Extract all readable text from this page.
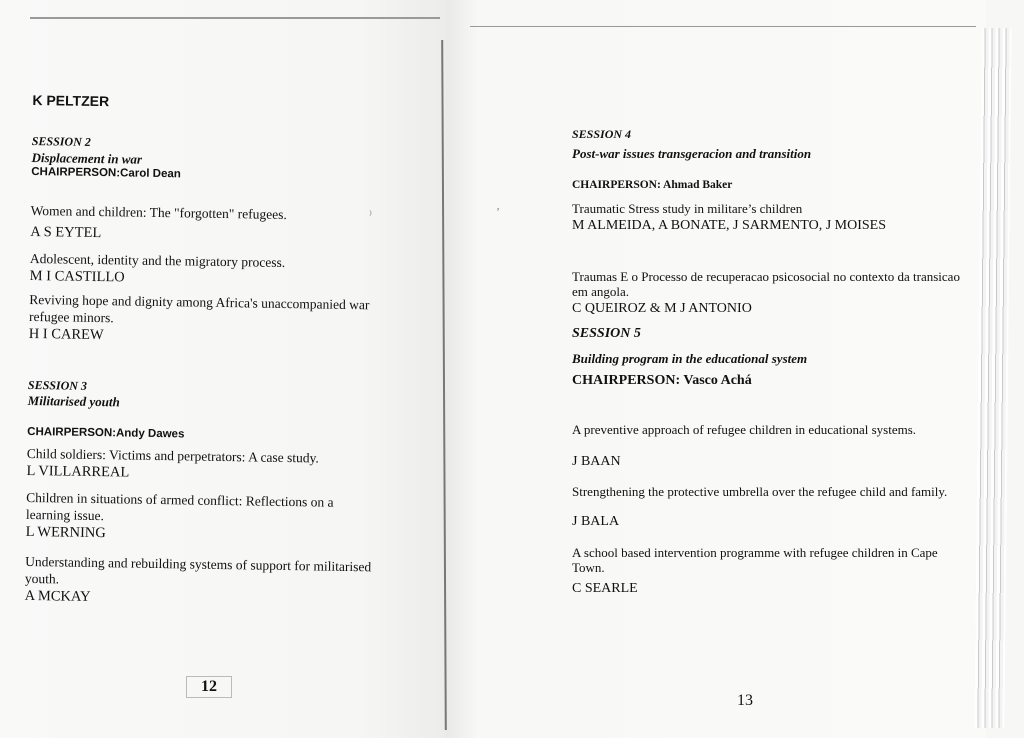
K PELTZER
SESSION 2
Displacement in war
CHAIRPERSON:Carol Dean
Women and children: The "forgotten" refugees.
A S EYTEL
Adolescent, identity and the migratory process.
M I CASTILLO
Reviving hope and dignity among Africa's unaccompanied war
refugee minors.
H I CAREW
SESSION 3
Militarised youth
CHAIRPERSON:Andy Dawes
Child soldiers: Victims and perpetrators: A case study.
L VILLARREAL
Children in situations of armed conflict: Reflections on a
learning issue.
L WERNING
Understanding and rebuilding systems of support for militarised
youth.
A MCKAY
12
SESSION 4
Post-war issues transgeracion and transition
CHAIRPERSON: Ahmad Baker
Traumatic Stress study in militare’s children
M ALMEIDA, A BONATE, J SARMENTO, J MOISES
Traumas E o Processo de recuperacao psicosocial no contexto da transicao em angola.
C QUEIROZ & M J ANTONIO
SESSION 5
Building program in the educational system
CHAIRPERSON: Vasco Achá
A preventive approach of refugee children in educational systems.
J BAAN
Strengthening the protective umbrella over the refugee child and family.
J BALA
A school based intervention programme with refugee children in Cape Town.
C SEARLE
13
⁾	ʼ
